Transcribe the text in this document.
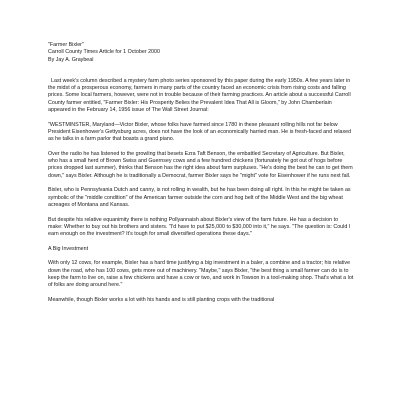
"Farmer Bixler"

Carroll County Times Article for 1 October 2000

By Jay A. Graybeal

Last week's column described a mystery farm photo series sponsored by this paper during the early 1950s. A few years later in the midst of a prosperous economy, farmers in many parts of the country faced an economic crisis from rising costs and falling prices. Some local farmers, however, were not in trouble because of their farming practices. An article about a successful Carroll County farmer entitled, "Farmer Bixler: His Prosperity Belies the Prevalent Idea That All is Gloom," by John Chamberlain appeared in the February 14, 1956 issue of The Wall Street Journal:

"WESTMINSTER, Maryland—Victor Bixler, whose folks have farmed since 1780 in these pleasant rolling hills not far below President Eisenhower's Gettysburg acres, does not have the look of an economically harried man. He is fresh-faced and relaxed as he talks in a farm parlor that boasts a grand piano.

Over the radio he has listened to the growling that besets Ezra Taft Benson, the embattled Secretary of Agriculture. But Bixler, who has a small herd of Brown Swiss and Guernsey cows and a few hundred chickens (fortunately he got out of hogs before prices dropped last summer), thinks that Benson has the right idea about farm surpluses. "He's doing the best he can to get them down," says Bixler. Although he is traditionally a Democrat, farmer Bixler says he "might" vote for Eisenhower if he runs next fall.

Bixler, who is Pennsylvania Dutch and canny, is not rolling in wealth, but he has been doing all right. In this he might be taken as symbolic of the "middle condition" of the American farmer outside the corn and hog belt of the Middle West and the big wheat acreages of Montana and Kansas.

But despite his relative equanimity there is nothing Pollyannaish about Bixler's view of the farm future. He has a decision to make: Whether to buy out his brothers and sisters. "I'd have to put $25,000 to $30,000 into it," he says. "The question is: Could I earn enough on the investment? It's tough for small diversified operations these days."

A Big Investment

With only 12 cows, for example, Bixler has a hard time justifying a big investment in a baler, a combine and a tractor; his relative down the road, who has 100 cows, gets more out of machinery. "Maybe," says Bixler, "the best thing a small farmer can do is to keep the farm to live on, raise a few chickens and have a cow or two, and work in Towson in a tool-making shop. That's what a lot of folks are doing around here."

Meanwhile, though Bixler works a lot with his hands and is still planting crops with the traditional
